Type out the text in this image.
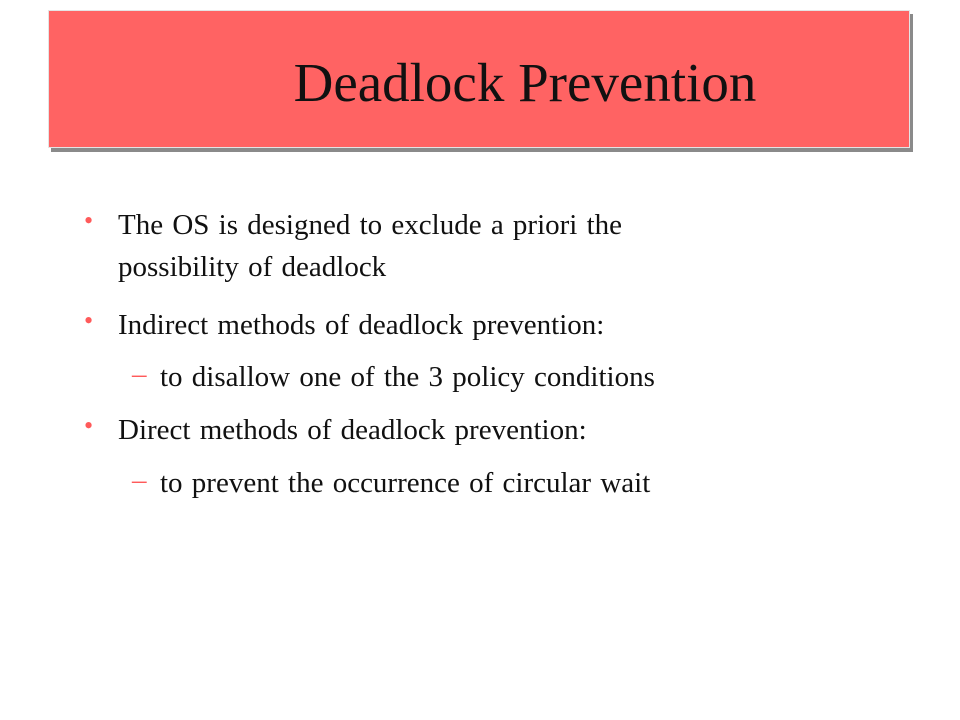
Deadlock Prevention
• The OS is designed to exclude a priori the
possibility of deadlock
• Indirect methods of deadlock prevention:
– to disallow one of the 3 policy conditions
• Direct methods of deadlock prevention:
– to prevent the occurrence of circular wait
